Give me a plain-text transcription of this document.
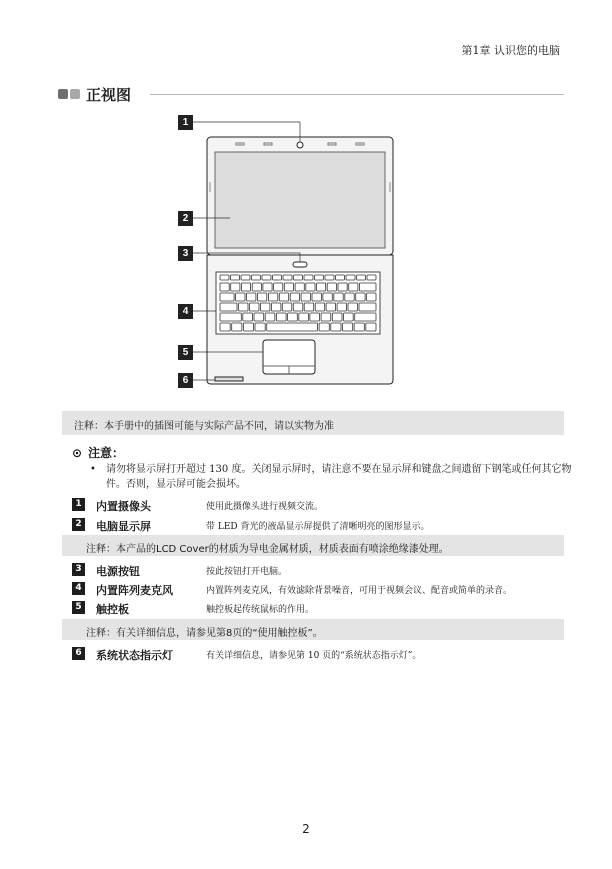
第1章 认识您的电脑
正视图
1
2
3
4
5
6
注释：本手册中的插图可能与实际产品不同，请以实物为准
⊙ 注意：
• 请勿将显示屏打开超过 130 度。关闭显示屏时，请注意不要在显示屏和键盘之间遗留下钢笔或任何其它物件。否则，显示屏可能会损坏。
1	内置摄像头	使用此摄像头进行视频交流。
2	电脑显示屏	带 LED 背光的液晶显示屏提供了清晰明亮的图形显示。
注释：本产品的LCD Cover的材质为导电金属材质，材质表面有喷涂绝缘漆处理。
3	电源按钮	按此按钮打开电脑。
4	内置阵列麦克风	内置阵列麦克风，有效滤除背景噪音，可用于视频会议、配音或简单的录音。
5	触控板	触控板起传统鼠标的作用。
注释：有关详细信息，请参见第8页的“使用触控板”。
6	系统状态指示灯	有关详细信息，请参见第 10 页的“系统状态指示灯”。
2
